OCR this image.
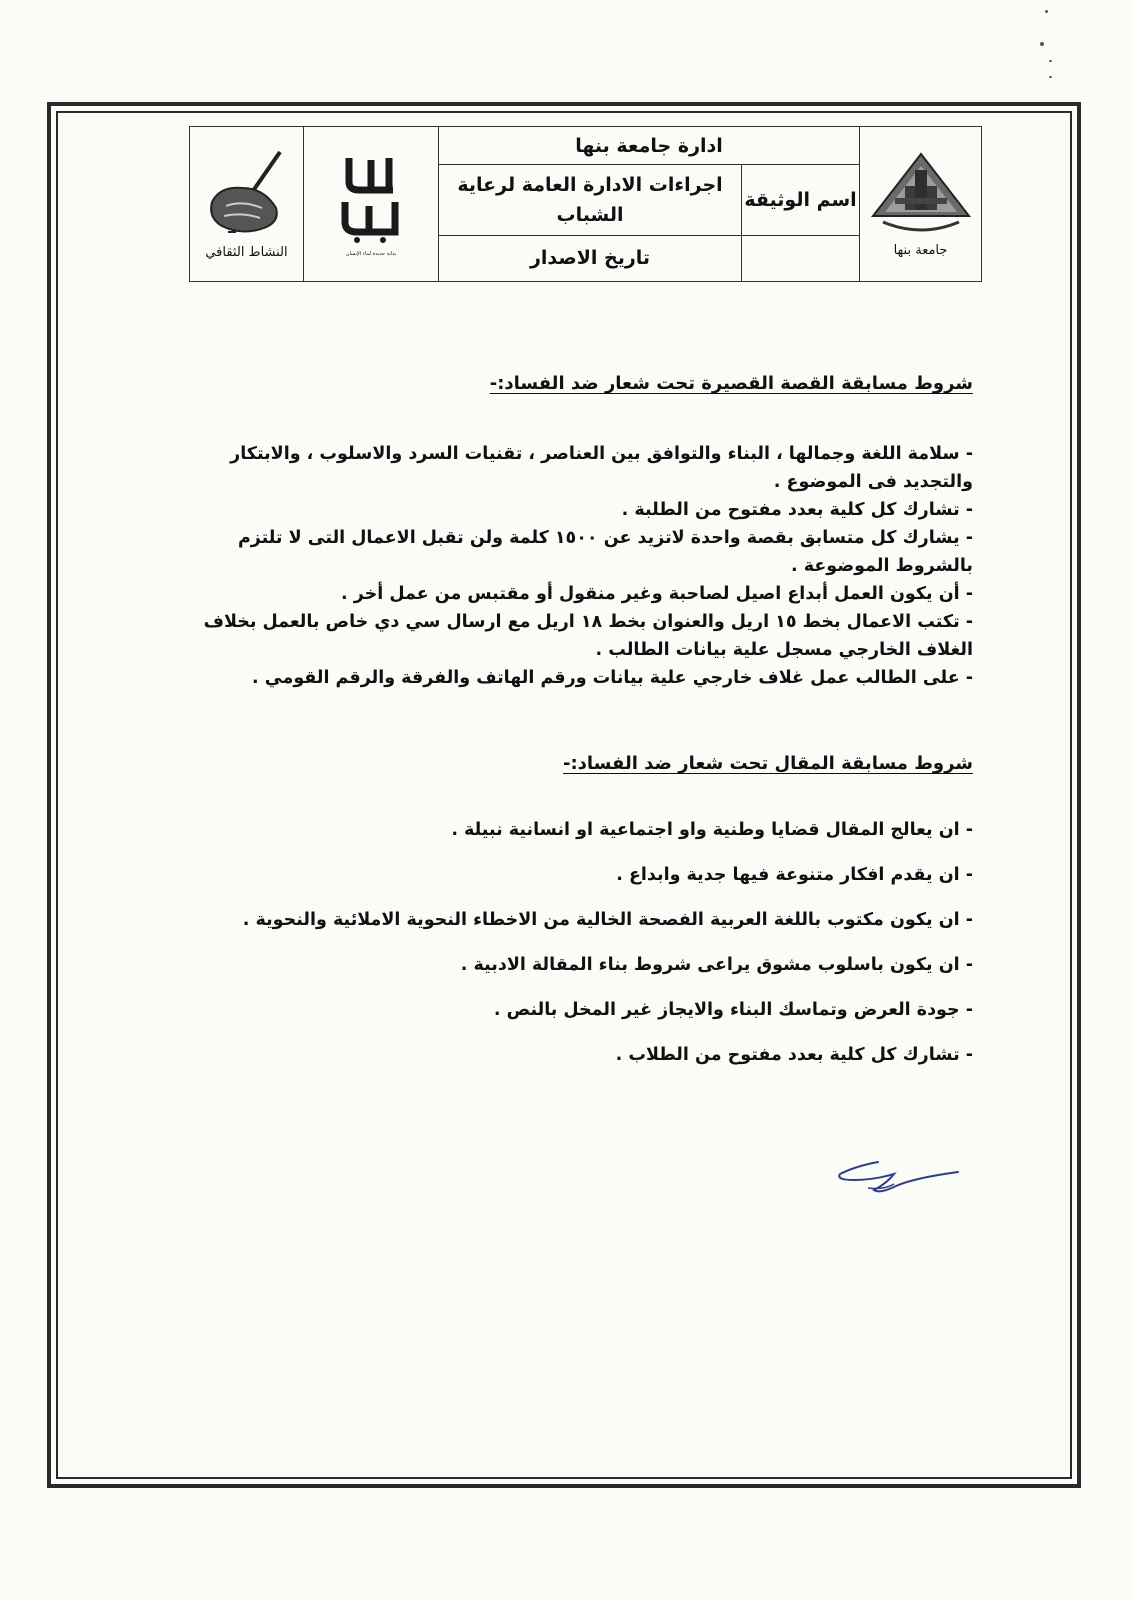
جامعة بنها	ادارة جامعة بنها		بداية جديدة لبناء الإنسان	النشاط الثقافي

	اسم الوثيقة	اجراءات الادارة العامة لرعاية الشباب		
		تاريخ الاصدار		
شروط مسابقة القصة القصيرة تحت شعار ضد الفساد:-

- سلامة اللغة وجمالها ، البناء والتوافق بين العناصر ، تقنيات السرد والاسلوب ، والابتكار والتجديد فى الموضوع .

- تشارك كل كلية بعدد مفتوح من الطلبة .

- يشارك كل متسابق بقصة واحدة لاتزيد عن ١٥٠٠ كلمة ولن تقبل الاعمال التى لا تلتزم بالشروط الموضوعة .

- أن يكون العمل أبداع اصيل لصاحبة وغير منقول أو مقتبس من عمل أخر .

- تكتب الاعمال بخط ١٥ اريل والعنوان بخط ١٨ اريل مع ارسال سي دي خاص بالعمل بخلاف الغلاف الخارجي مسجل علية بيانات الطالب .

- على الطالب عمل غلاف خارجي علية بيانات ورقم الهاتف والفرقة والرقم القومي .

شروط مسابقة المقال تحت شعار ضد الفساد:-

- ان يعالج المقال قضايا وطنية واو اجتماعية او انسانية نبيلة .

- ان يقدم افكار متنوعة فيها جدية وابداع .

- ان يكون مكتوب باللغة العربية الفصحة الخالية من الاخطاء النحوية الاملائية والنحوية .

- ان يكون باسلوب مشوق يراعى شروط بناء المقالة الادبية .

- جودة العرض وتماسك البناء والايجاز غير المخل بالنص .

- تشارك كل كلية بعدد مفتوح من الطلاب .
